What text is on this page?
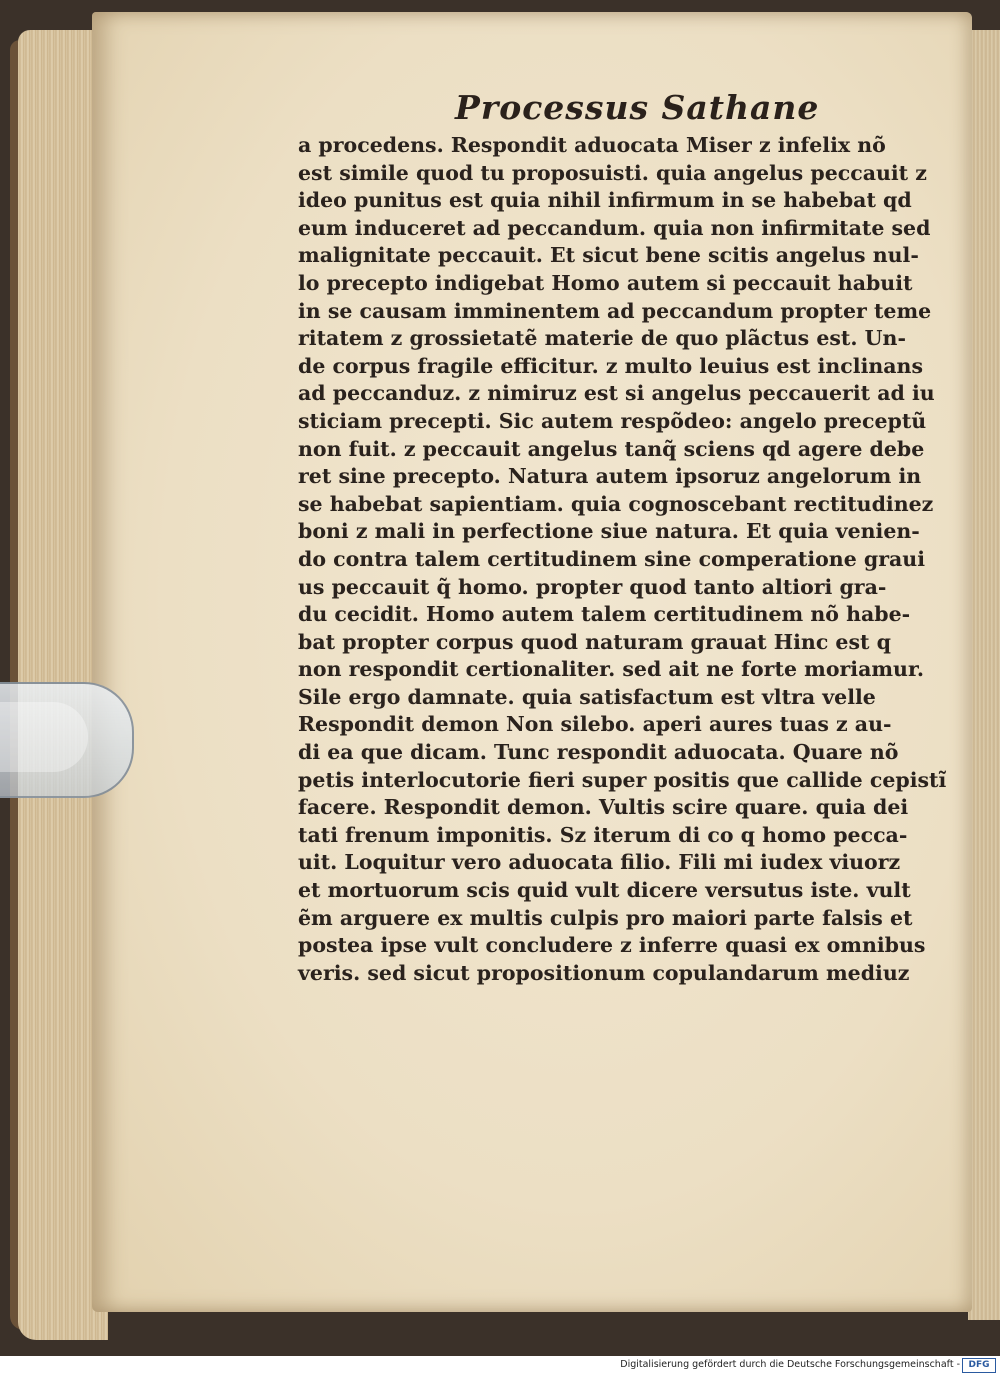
Processus Sathane
a procedens. Respondit aduocata Miser z infelix nõ
est simile quod tu proposuisti. quia angelus peccauit z
ideo punitus est quia nihil infirmum in se habebat qd
eum induceret ad peccandum. quia non infirmitate sed
malignitate peccauit. Et sicut bene scitis angelus nul-
lo precepto indigebat Homo autem si peccauit habuit
in se causam imminentem ad peccandum propter teme
ritatem z grossietatẽ materie de quo plãctus est. Un-
de corpus fragile efficitur. z multo leuius est inclinans
ad peccanduz. z nimiruz est si angelus peccauerit ad iu
sticiam precepti. Sic autem respõdeo: angelo preceptũ
non fuit. z peccauit angelus tanq̃ sciens qd agere debe
ret sine precepto. Natura autem ipsoruz angelorum in
se habebat sapientiam. quia cognoscebant rectitudinez
boni z mali in perfectione siue natura. Et quia venien-
do contra talem certitudinem sine comperatione graui
us peccauit q̃ homo. propter quod tanto altiori gra-
du cecidit. Homo autem talem certitudinem nõ habe-
bat propter corpus quod naturam grauat Hinc est q
non respondit certionaliter. sed ait ne forte moriamur.
Sile ergo damnate. quia satisfactum est vltra velle
Respondit demon Non silebo. aperi aures tuas z au-
di ea que dicam. Tunc respondit aduocata. Quare nõ
petis interlocutorie fieri super positis que callide cepistĩ
facere. Respondit demon. Vultis scire quare. quia dei
tati frenum imponitis. Sz iterum di co q homo pecca-
uit. Loquitur vero aduocata filio. Fili mi iudex viuorz
et mortuorum scis quid vult dicere versutus iste. vult
ẽm arguere ex multis culpis pro maiori parte falsis et
postea ipse vult concludere z inferre quasi ex omnibus
veris. sed sicut propositionum copulandarum mediuz
Digitalisierung gefördert durch die Deutsche Forschungsgemeinschaft - DFG
